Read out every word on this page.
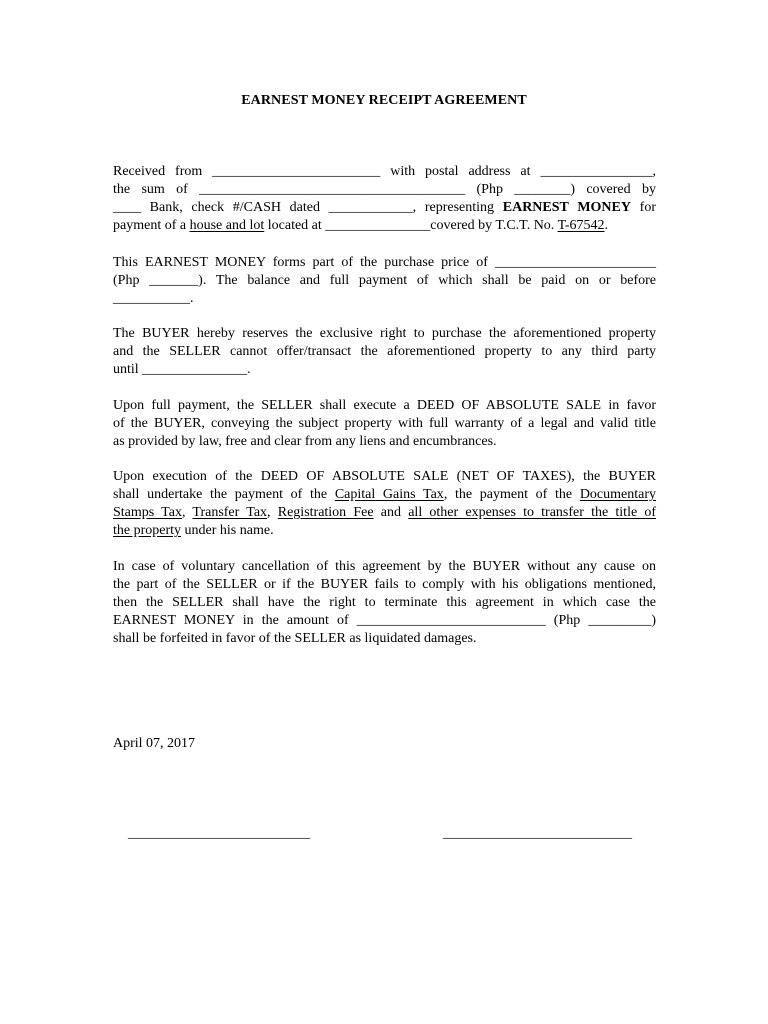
EARNEST MONEY RECEIPT AGREEMENT
Received from ________________________ with postal address at ________________,
the sum of ______________________________________ (Php ________) covered by
____ Bank, check #/CASH dated ____________, representing EARNEST MONEY for
payment of a house and lot located at _______________covered by T.C.T. No. T-67542.
This EARNEST MONEY forms part of the purchase price of _______________________
(Php _______). The balance and full payment of which shall be paid on or before
___________.
The BUYER hereby reserves the exclusive right to purchase the aforementioned property
and the SELLER cannot offer/transact the aforementioned property to any third party
until _______________.
Upon full payment, the SELLER shall execute a DEED OF ABSOLUTE SALE in favor
of the BUYER, conveying the subject property with full warranty of a legal and valid title
as provided by law, free and clear from any liens and encumbrances.
Upon execution of the DEED OF ABSOLUTE SALE (NET OF TAXES), the BUYER
shall undertake the payment of the Capital Gains Tax, the payment of the Documentary
Stamps Tax, Transfer Tax, Registration Fee and all other expenses to transfer the title of
the property under his name.
In case of voluntary cancellation of this agreement by the BUYER without any cause on
the part of the SELLER or if the BUYER fails to comply with his obligations mentioned,
then the SELLER shall have the right to terminate this agreement in which case the
EARNEST MONEY in the amount of ___________________________ (Php _________)
shall be forfeited in favor of the SELLER as liquidated damages.
April 07, 2017
__________________________	___________________________
